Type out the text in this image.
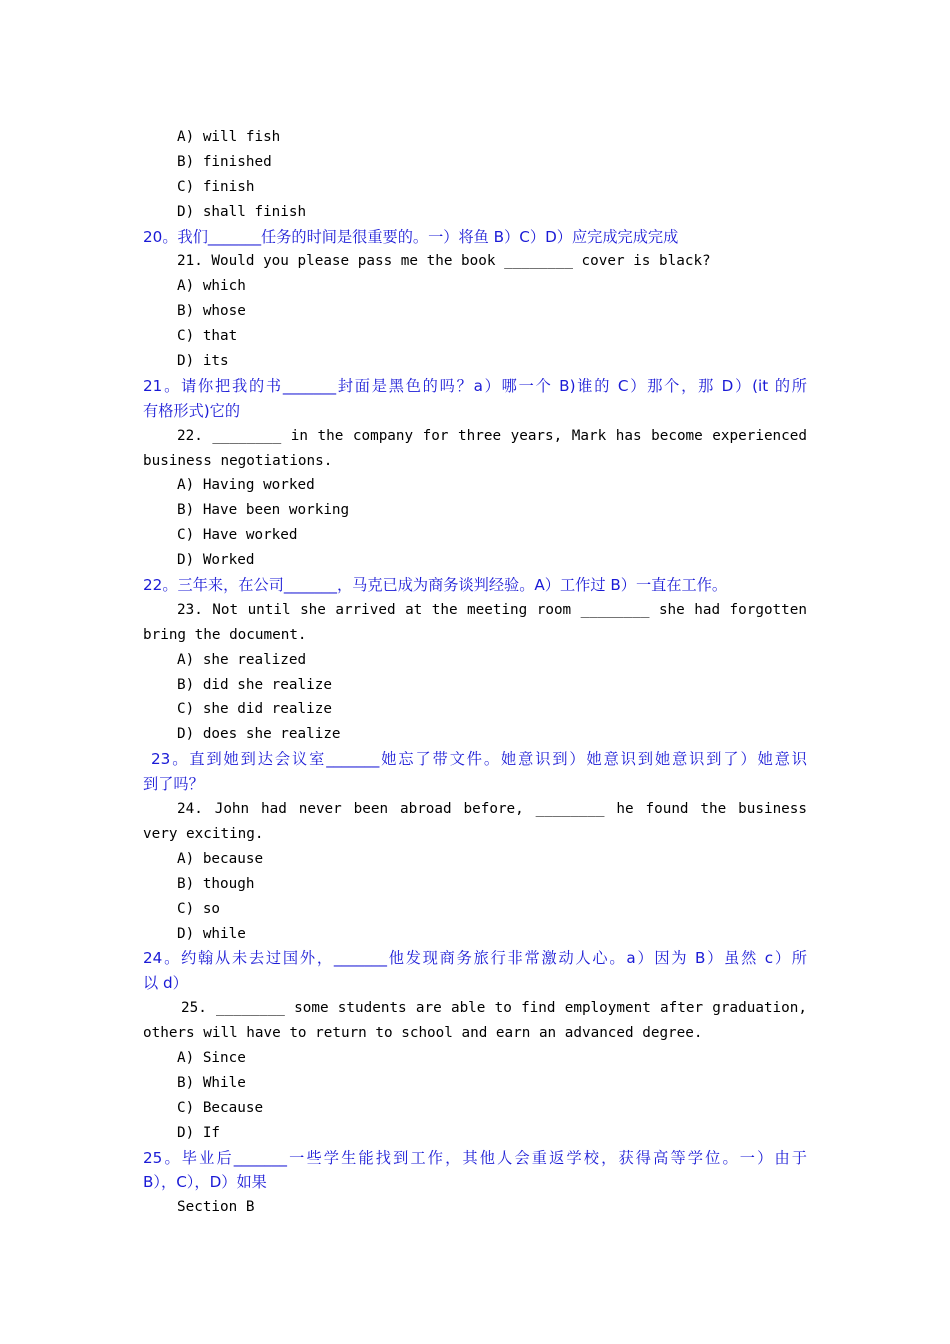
A) will fish
B) finished
C) finish
D) shall finish
20。我们_______任务的时间是很重要的。一）将鱼 B）C）D）应完成完成完成
21. Would you please pass me the book ________ cover is black?
A) which
B) whose
C) that
D) its
21。请你把我的书_______封面是黑色的吗？a）哪一个 B)谁的 C）那个，那 D）(it 的所
有格形式)它的
22. ________ in the company for three years, Mark has become experienced
business negotiations.
A) Having worked
B) Have been working
C) Have worked
D) Worked
22。三年来，在公司_______，马克已成为商务谈判经验。A）工作过 B）一直在工作。
23. Not until she arrived at the meeting room ________ she had forgotten
bring the document.
A) she realized
B) did she realize
C) she did realize
D) does she realize
23。直到她到达会议室_______她忘了带文件。她意识到）她意识到她意识到了）她意识
到了吗？
24. John had never been abroad before, ________ he found the business
very exciting.
A) because
B) though
C) so
D) while
24。约翰从未去过国外，_______他发现商务旅行非常激动人心。a）因为 B）虽然 c）所
以 d）
25. ________ some students are able to find employment after graduation,
others will have to return to school and earn an advanced degree.
A) Since
B) While
C) Because
D) If
25。毕业后_______一些学生能找到工作，其他人会重返学校，获得高等学位。一）由于
B），C），D）如果
Section B
